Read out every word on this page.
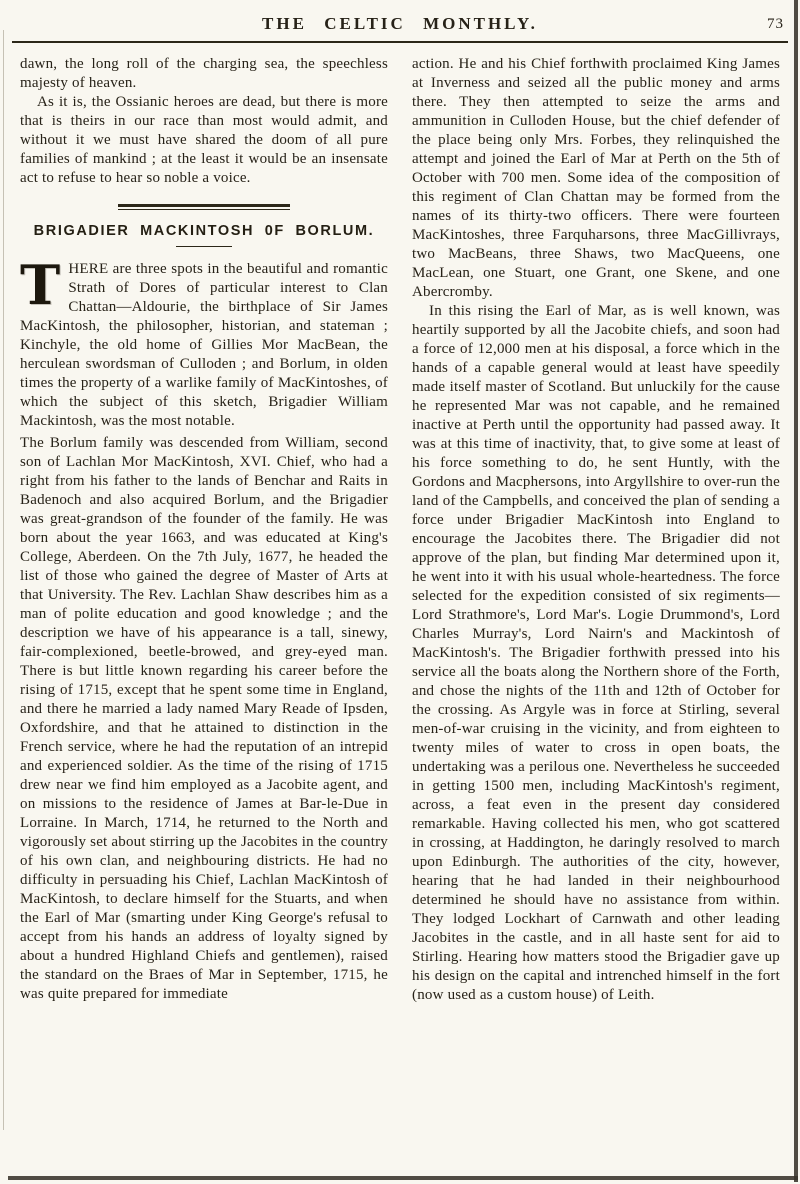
THE CELTIC MONTHLY.	73

dawn, the long roll of the charging sea, the speechless majesty of heaven.

As it is, the Ossianic heroes are dead, but there is more that is theirs in our race than most would admit, and without it we must have shared the doom of all pure families of mankind ; at the least it would be an insensate act to refuse to hear so noble a voice.

BRIGADIER MACKINTOSH 0F BORLUM.

THERE are three spots in the beautiful and romantic Strath of Dores of particular interest to Clan Chattan—Aldourie, the birthplace of Sir James MacKintosh, the philosopher, historian, and stateman ; Kinchyle, the old home of Gillies Mor MacBean, the herculean swordsman of Culloden ; and Borlum, in olden times the property of a warlike family of MacKintoshes, of which the subject of this sketch, Brigadier William Mackintosh, was the most notable.

The Borlum family was descended from William, second son of Lachlan Mor MacKintosh, XVI. Chief, who had a right from his father to the lands of Benchar and Raits in Badenoch and also acquired Borlum, and the Brigadier was great-grandson of the founder of the family. He was born about the year 1663, and was educated at King's College, Aberdeen. On the 7th July, 1677, he headed the list of those who gained the degree of Master of Arts at that University. The Rev. Lachlan Shaw describes him as a man of polite education and good knowledge ; and the description we have of his appearance is a tall, sinewy, fair-complexioned, beetle-browed, and grey-eyed man. There is but little known regarding his career before the rising of 1715, except that he spent some time in England, and there he married a lady named Mary Reade of Ipsden, Oxfordshire, and that he attained to distinction in the French service, where he had the reputation of an intrepid and experienced soldier. As the time of the rising of 1715 drew near we find him employed as a Jacobite agent, and on missions to the residence of James at Bar-le-Due in Lorraine. In March, 1714, he returned to the North and vigorously set about stirring up the Jacobites in the country of his own clan, and neighbouring districts. He had no difficulty in persuading his Chief, Lachlan MacKintosh of MacKintosh, to declare himself for the Stuarts, and when the Earl of Mar (smarting under King George's refusal to accept from his hands an address of loyalty signed by about a hundred Highland Chiefs and gentlemen), raised the standard on the Braes of Mar in September, 1715, he was quite prepared for immediate

action. He and his Chief forthwith proclaimed King James at Inverness and seized all the public money and arms there. They then attempted to seize the arms and ammunition in Culloden House, but the chief defender of the place being only Mrs. Forbes, they relinquished the attempt and joined the Earl of Mar at Perth on the 5th of October with 700 men. Some idea of the composition of this regiment of Clan Chattan may be formed from the names of its thirty-two officers. There were fourteen MacKintoshes, three Farquharsons, three MacGillivrays, two MacBeans, three Shaws, two MacQueens, one MacLean, one Stuart, one Grant, one Skene, and one Abercromby.

In this rising the Earl of Mar, as is well known, was heartily supported by all the Jacobite chiefs, and soon had a force of 12,000 men at his disposal, a force which in the hands of a capable general would at least have speedily made itself master of Scotland. But unluckily for the cause he represented Mar was not capable, and he remained inactive at Perth until the opportunity had passed away. It was at this time of inactivity, that, to give some at least of his force something to do, he sent Huntly, with the Gordons and Macphersons, into Argyllshire to over-run the land of the Campbells, and conceived the plan of sending a force under Brigadier MacKintosh into England to encourage the Jacobites there. The Brigadier did not approve of the plan, but finding Mar determined upon it, he went into it with his usual whole-heartedness. The force selected for the expedition consisted of six regiments—Lord Strathmore's, Lord Mar's. Logie Drummond's, Lord Charles Murray's, Lord Nairn's and Mackintosh of MacKintosh's. The Brigadier forthwith pressed into his service all the boats along the Northern shore of the Forth, and chose the nights of the 11th and 12th of October for the crossing. As Argyle was in force at Stirling, several men-of-war cruising in the vicinity, and from eighteen to twenty miles of water to cross in open boats, the undertaking was a perilous one. Nevertheless he succeeded in getting 1500 men, including MacKintosh's regiment, across, a feat even in the present day considered remarkable. Having collected his men, who got scattered in crossing, at Haddington, he daringly resolved to march upon Edinburgh. The authorities of the city, however, hearing that he had landed in their neighbourhood determined he should have no assistance from within. They lodged Lockhart of Carnwath and other leading Jacobites in the castle, and in all haste sent for aid to Stirling. Hearing how matters stood the Brigadier gave up his design on the capital and intrenched himself in the fort (now used as a custom house) of Leith.
